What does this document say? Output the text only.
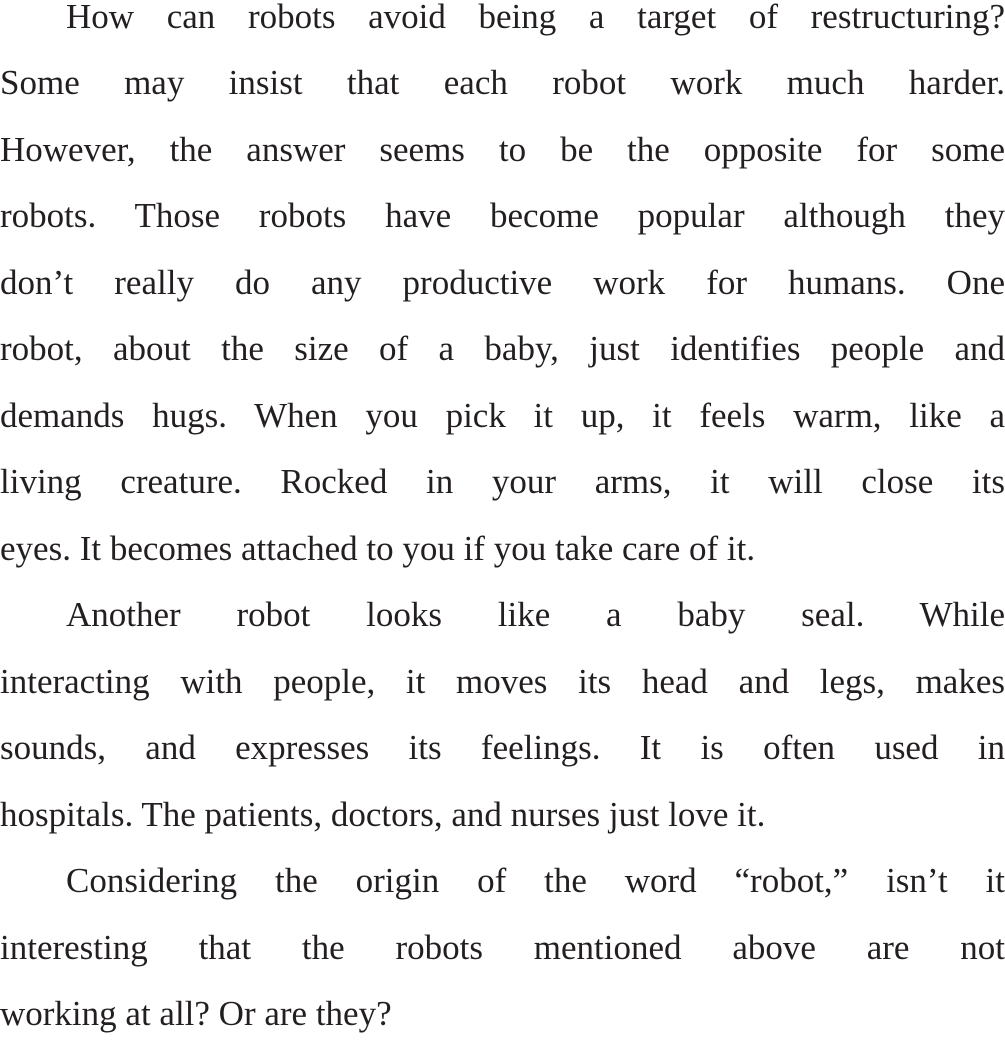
How can robots avoid being a target of restructuring?
Some may insist that each robot work much harder.
However, the answer seems to be the opposite for some
robots. Those robots have become popular although they
don’t really do any productive work for humans. One
robot, about the size of a baby, just identifies people and
demands hugs. When you pick it up, it feels warm, like a
living creature. Rocked in your arms, it will close its
eyes. It becomes attached to you if you take care of it.
Another robot looks like a baby seal. While
interacting with people, it moves its head and legs, makes
sounds, and expresses its feelings. It is often used in
hospitals. The patients, doctors, and nurses just love it.
Considering the origin of the word “robot,” isn’t it
interesting that the robots mentioned above are not
working at all? Or are they?
